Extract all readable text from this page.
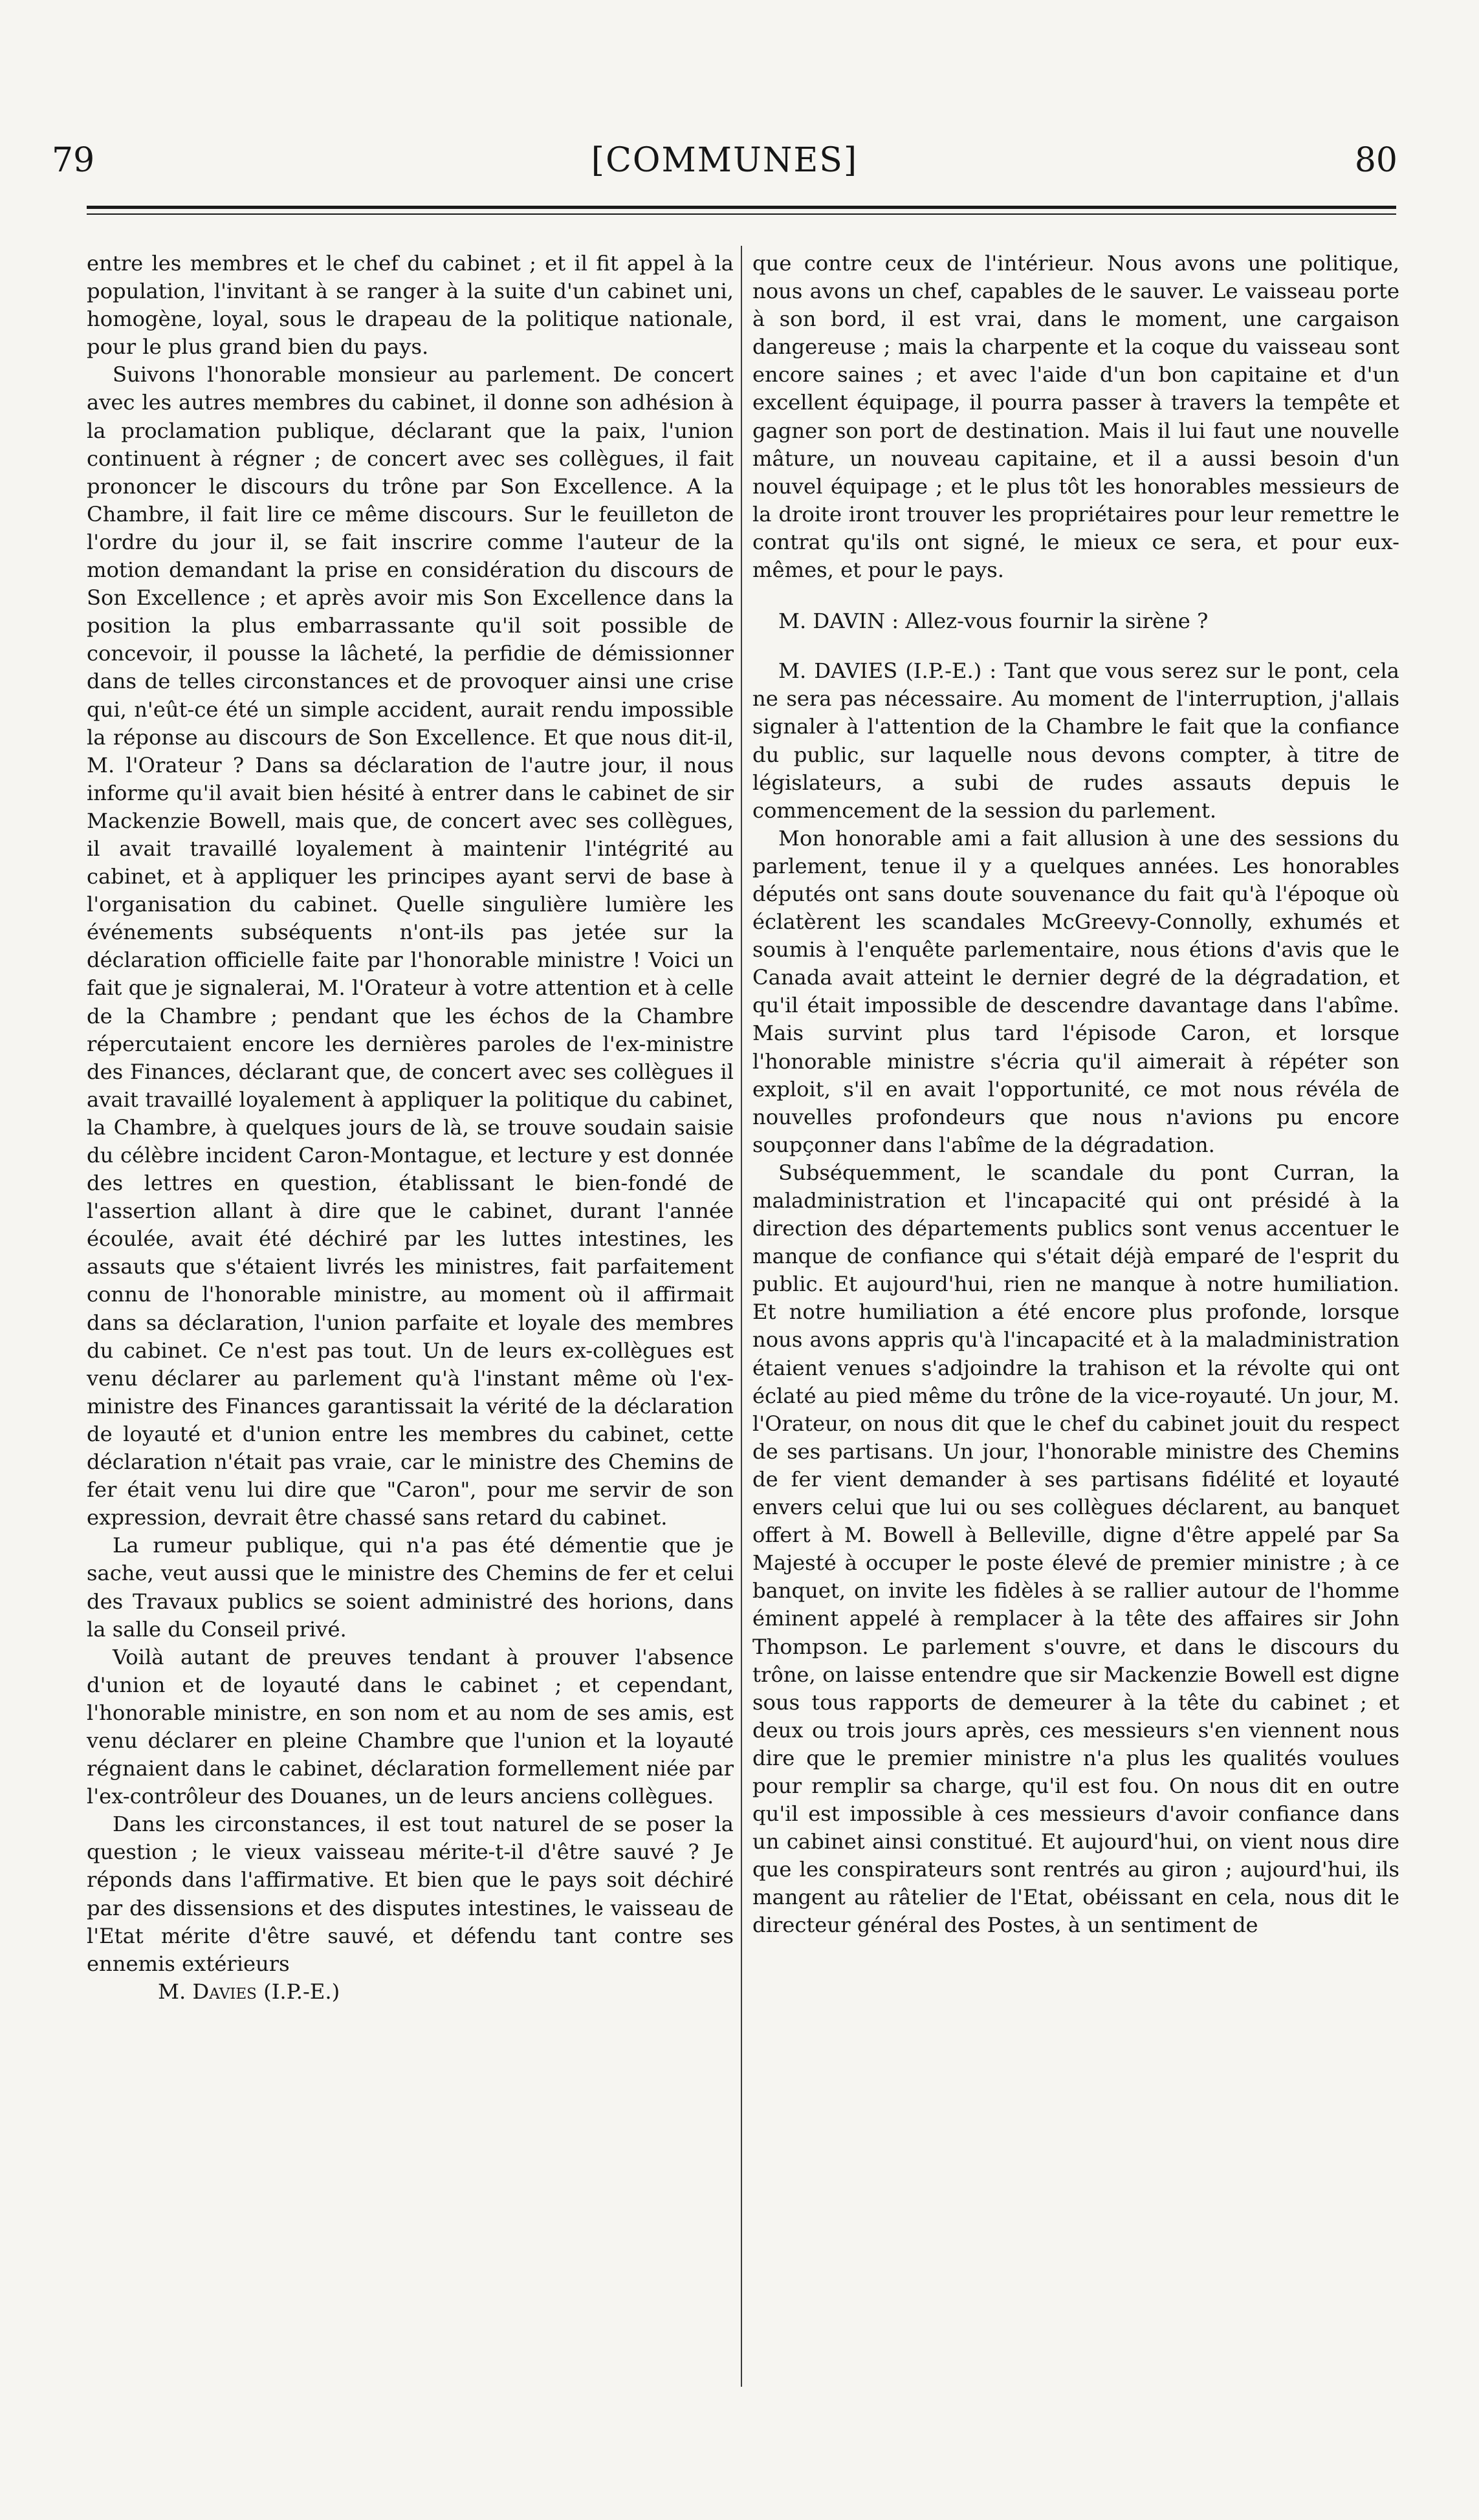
79	[COMMUNES]	80

entre les membres et le chef du cabinet ; et il fit appel à la population, l'invitant à se ranger à la suite d'un cabinet uni, homogène, loyal, sous le drapeau de la politique nationale, pour le plus grand bien du pays.

Suivons l'honorable monsieur au parlement. De concert avec les autres membres du cabinet, il donne son adhésion à la proclamation publique, déclarant que la paix, l'union continuent à régner ; de concert avec ses collègues, il fait prononcer le discours du trône par Son Excellence. A la Chambre, il fait lire ce même discours. Sur le feuilleton de l'ordre du jour il, se fait inscrire comme l'auteur de la motion demandant la prise en considération du discours de Son Excellence ; et après avoir mis Son Excellence dans la position la plus embarrassante qu'il soit possible de concevoir, il pousse la lâcheté, la perfidie de démissionner dans de telles circonstances et de provoquer ainsi une crise qui, n'eût-ce été un simple accident, aurait rendu impossible la réponse au discours de Son Excellence. Et que nous dit-il, M. l'Orateur ? Dans sa déclaration de l'autre jour, il nous informe qu'il avait bien hésité à entrer dans le cabinet de sir Mackenzie Bowell, mais que, de concert avec ses collègues, il avait travaillé loyalement à maintenir l'intégrité au cabinet, et à appliquer les principes ayant servi de base à l'organisation du cabinet. Quelle singulière lumière les événements subséquents n'ont-ils pas jetée sur la déclaration officielle faite par l'honorable ministre ! Voici un fait que je signalerai, M. l'Orateur à votre attention et à celle de la Chambre ; pendant que les échos de la Chambre répercutaient encore les dernières paroles de l'ex-ministre des Finances, déclarant que, de concert avec ses collègues il avait travaillé loyalement à appliquer la politique du cabinet, la Chambre, à quelques jours de là, se trouve soudain saisie du célèbre incident Caron-Montague, et lecture y est donnée des lettres en question, établissant le bien-fondé de l'assertion allant à dire que le cabinet, durant l'année écoulée, avait été déchiré par les luttes intestines, les assauts que s'étaient livrés les ministres, fait parfaitement connu de l'honorable ministre, au moment où il affirmait dans sa déclaration, l'union parfaite et loyale des membres du cabinet. Ce n'est pas tout. Un de leurs ex-collègues est venu déclarer au parlement qu'à l'instant même où l'ex-ministre des Finances garantissait la vérité de la déclaration de loyauté et d'union entre les membres du cabinet, cette déclaration n'était pas vraie, car le ministre des Chemins de fer était venu lui dire que "Caron", pour me servir de son expression, devrait être chassé sans retard du cabinet.

La rumeur publique, qui n'a pas été démentie que je sache, veut aussi que le ministre des Chemins de fer et celui des Travaux publics se soient administré des horions, dans la salle du Conseil privé.

Voilà autant de preuves tendant à prouver l'absence d'union et de loyauté dans le cabinet ; et cependant, l'honorable ministre, en son nom et au nom de ses amis, est venu déclarer en pleine Chambre que l'union et la loyauté régnaient dans le cabinet, déclaration formellement niée par l'ex-contrôleur des Douanes, un de leurs anciens collègues.

Dans les circonstances, il est tout naturel de se poser la question ; le vieux vaisseau mérite-t-il d'être sauvé ? Je réponds dans l'affirmative. Et bien que le pays soit déchiré par des dissensions et des disputes intestines, le vaisseau de l'Etat mérite d'être sauvé, et défendu tant contre ses ennemis extérieurs

M. Davies (I.P.-E.)

que contre ceux de l'intérieur. Nous avons une politique, nous avons un chef, capables de le sauver. Le vaisseau porte à son bord, il est vrai, dans le moment, une cargaison dangereuse ; mais la charpente et la coque du vaisseau sont encore saines ; et avec l'aide d'un bon capitaine et d'un excellent équipage, il pourra passer à travers la tempête et gagner son port de destination. Mais il lui faut une nouvelle mâture, un nouveau capitaine, et il a aussi besoin d'un nouvel équipage ; et le plus tôt les honorables messieurs de la droite iront trouver les propriétaires pour leur remettre le contrat qu'ils ont signé, le mieux ce sera, et pour eux-mêmes, et pour le pays.

M. DAVIN : Allez-vous fournir la sirène ?

M. DAVIES (I.P.-E.) : Tant que vous serez sur le pont, cela ne sera pas nécessaire. Au moment de l'interruption, j'allais signaler à l'attention de la Chambre le fait que la confiance du public, sur laquelle nous devons compter, à titre de législateurs, a subi de rudes assauts depuis le commencement de la session du parlement.

Mon honorable ami a fait allusion à une des sessions du parlement, tenue il y a quelques années. Les honorables députés ont sans doute souvenance du fait qu'à l'époque où éclatèrent les scandales McGreevy-Connolly, exhumés et soumis à l'enquête parlementaire, nous étions d'avis que le Canada avait atteint le dernier degré de la dégradation, et qu'il était impossible de descendre davantage dans l'abîme. Mais survint plus tard l'épisode Caron, et lorsque l'honorable ministre s'écria qu'il aimerait à répéter son exploit, s'il en avait l'opportunité, ce mot nous révéla de nouvelles profondeurs que nous n'avions pu encore soupçonner dans l'abîme de la dégradation.

Subséquemment, le scandale du pont Curran, la maladministration et l'incapacité qui ont présidé à la direction des départements publics sont venus accentuer le manque de confiance qui s'était déjà emparé de l'esprit du public. Et aujourd'hui, rien ne manque à notre humiliation. Et notre humiliation a été encore plus profonde, lorsque nous avons appris qu'à l'incapacité et à la maladministration étaient venues s'adjoindre la trahison et la révolte qui ont éclaté au pied même du trône de la vice-royauté. Un jour, M. l'Orateur, on nous dit que le chef du cabinet jouit du respect de ses partisans. Un jour, l'honorable ministre des Chemins de fer vient demander à ses partisans fidélité et loyauté envers celui que lui ou ses collègues déclarent, au banquet offert à M. Bowell à Belleville, digne d'être appelé par Sa Majesté à occuper le poste élevé de premier ministre ; à ce banquet, on invite les fidèles à se rallier autour de l'homme éminent appelé à remplacer à la tête des affaires sir John Thompson. Le parlement s'ouvre, et dans le discours du trône, on laisse entendre que sir Mackenzie Bowell est digne sous tous rapports de demeurer à la tête du cabinet ; et deux ou trois jours après, ces messieurs s'en viennent nous dire que le premier ministre n'a plus les qualités voulues pour remplir sa charge, qu'il est fou. On nous dit en outre qu'il est impossible à ces messieurs d'avoir confiance dans un cabinet ainsi constitué. Et aujourd'hui, on vient nous dire que les conspirateurs sont rentrés au giron ; aujourd'hui, ils mangent au râtelier de l'Etat, obéissant en cela, nous dit le directeur général des Postes, à un sentiment de
